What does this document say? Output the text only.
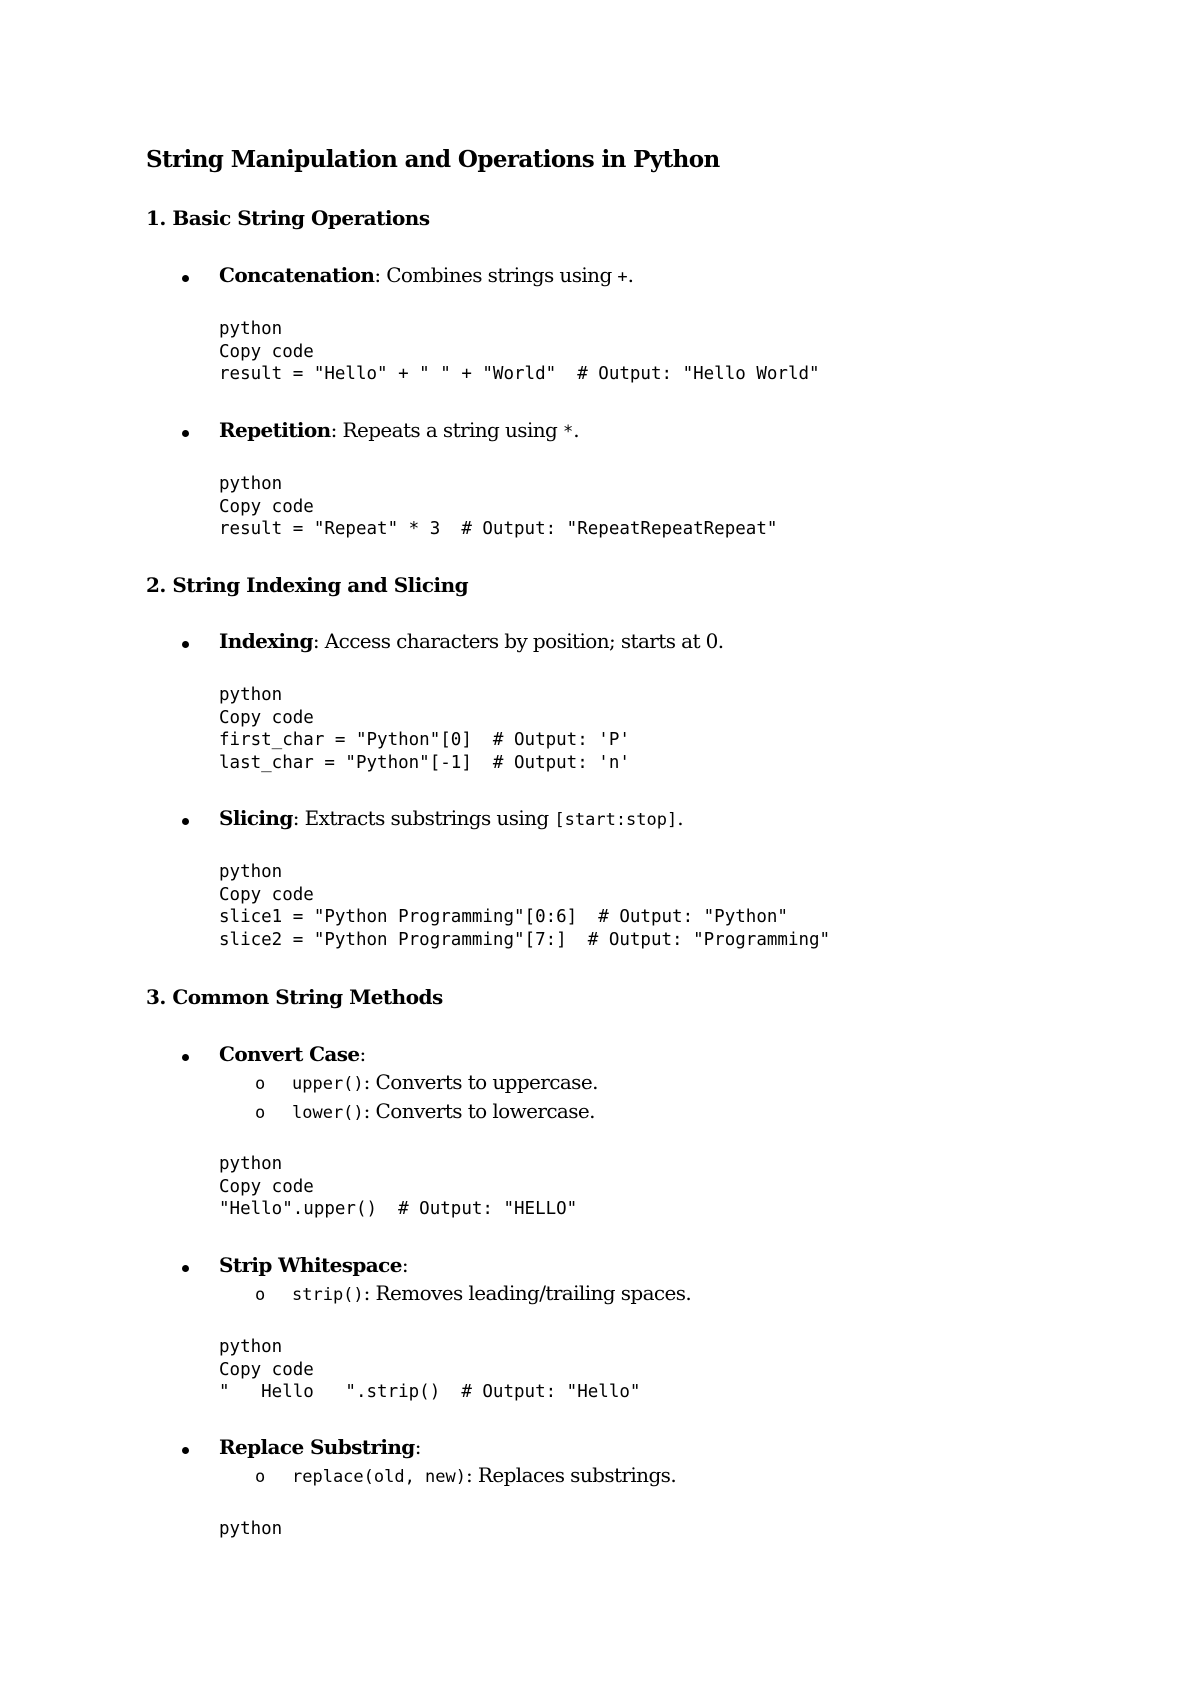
String Manipulation and Operations in Python
1. Basic String Operations
Concatenation: Combines strings using +.
python
Copy code
result = "Hello" + " " + "World"  # Output: "Hello World"
Repetition: Repeats a string using *.
python
Copy code
result = "Repeat" * 3  # Output: "RepeatRepeatRepeat"
2. String Indexing and Slicing
Indexing: Access characters by position; starts at 0.
python
Copy code
first_char = "Python"[0]  # Output: 'P'
last_char = "Python"[-1]  # Output: 'n'
Slicing: Extracts substrings using [start:stop].
python
Copy code
slice1 = "Python Programming"[0:6]  # Output: "Python"
slice2 = "Python Programming"[7:]  # Output: "Programming"
3. Common String Methods
Convert Case:
o upper(): Converts to uppercase.
o lower(): Converts to lowercase.
python
Copy code
"Hello".upper()  # Output: "HELLO"
Strip Whitespace:
o strip(): Removes leading/trailing spaces.
python
Copy code
"   Hello   ".strip()  # Output: "Hello"
Replace Substring:
o replace(old, new): Replaces substrings.
python
